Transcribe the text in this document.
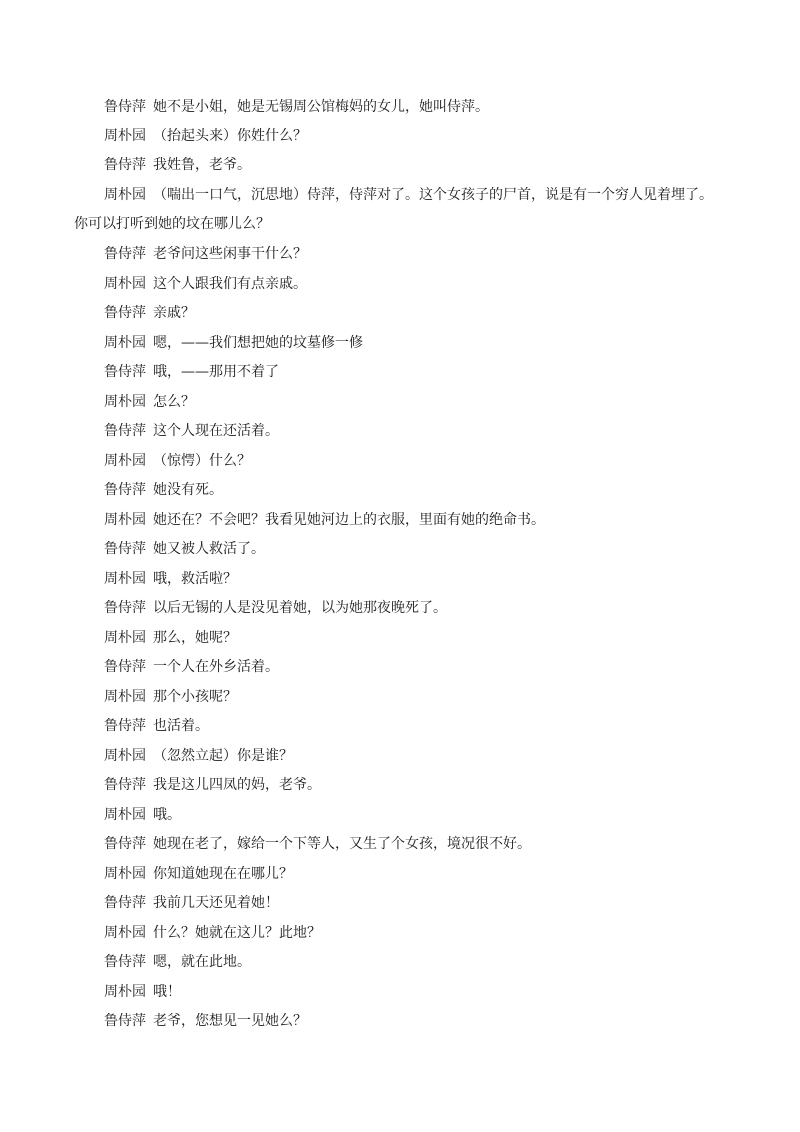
鲁侍萍 她不是小姐，她是无锡周公馆梅妈的女儿，她叫侍萍。
周朴园 （抬起头来）你姓什么？
鲁侍萍 我姓鲁，老爷。
周朴园 （喘出一口气，沉思地）侍萍，侍萍对了。这个女孩子的尸首，说是有一个穷人见着埋了。
你可以打听到她的坟在哪儿么？
鲁侍萍 老爷问这些闲事干什么？
周朴园 这个人跟我们有点亲戚。
鲁侍萍 亲戚？
周朴园 嗯，——我们想把她的坟墓修一修
鲁侍萍 哦，——那用不着了
周朴园 怎么？
鲁侍萍 这个人现在还活着。
周朴园 （惊愕）什么？
鲁侍萍 她没有死。
周朴园 她还在？不会吧？我看见她河边上的衣服，里面有她的绝命书。
鲁侍萍 她又被人救活了。
周朴园 哦，救活啦？
鲁侍萍 以后无锡的人是没见着她，以为她那夜晚死了。
周朴园 那么，她呢？
鲁侍萍 一个人在外乡活着。
周朴园 那个小孩呢？
鲁侍萍 也活着。
周朴园 （忽然立起）你是谁？
鲁侍萍 我是这儿四凤的妈，老爷。
周朴园 哦。
鲁侍萍 她现在老了，嫁给一个下等人，又生了个女孩，境况很不好。
周朴园 你知道她现在在哪儿？
鲁侍萍 我前几天还见着她！
周朴园 什么？她就在这儿？此地？
鲁侍萍 嗯，就在此地。
周朴园 哦！
鲁侍萍 老爷，您想见一见她么？
